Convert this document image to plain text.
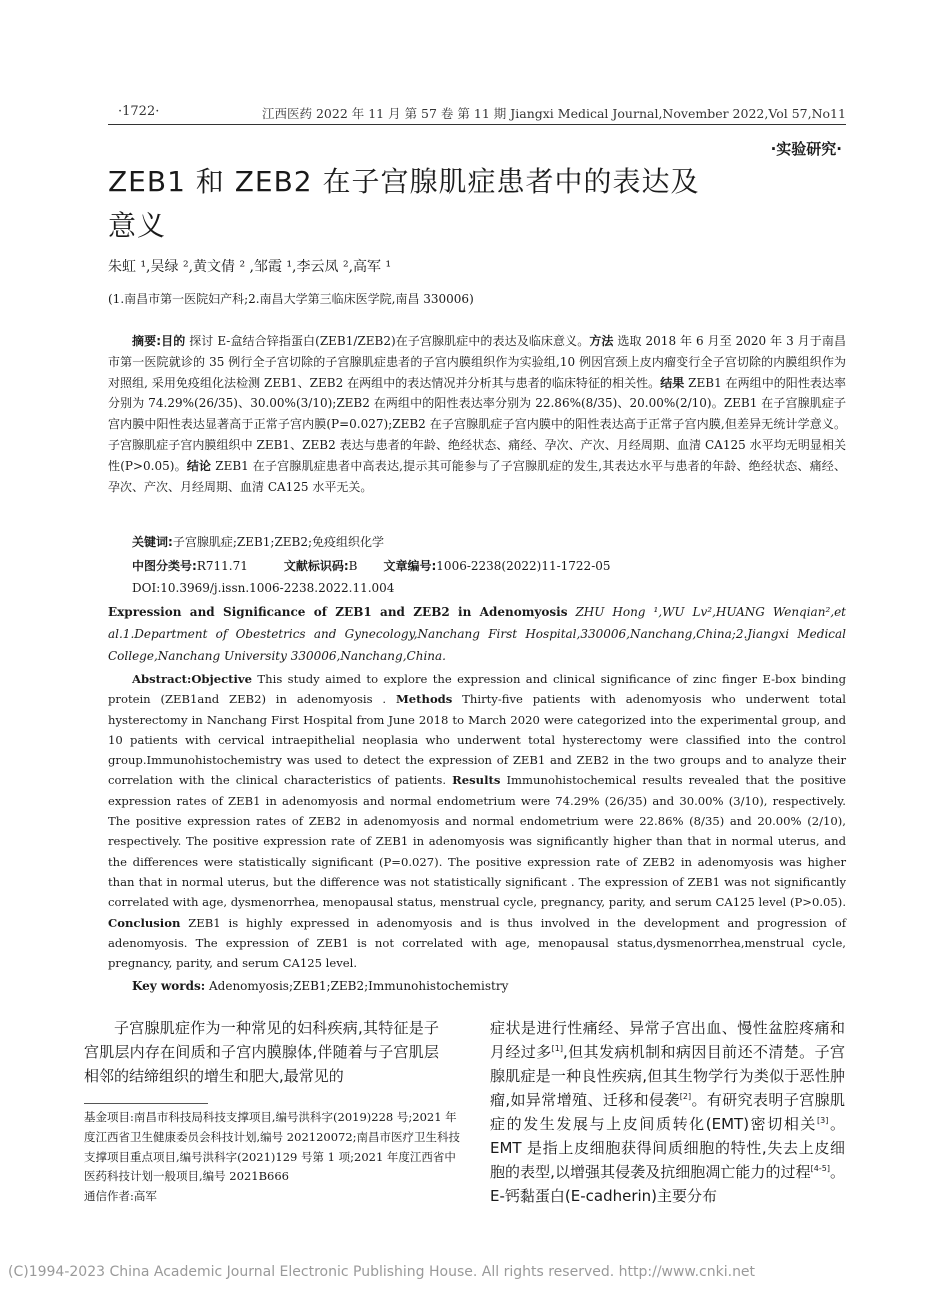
·1722·	江西医药 2022 年 11 月 第 57 卷 第 11 期 Jiangxi Medical Journal,November 2022,Vol 57,No11
·实验研究·
ZEB1 和 ZEB2 在子宫腺肌症患者中的表达及意义
朱虹 ¹,吴绿 ²,黄文倩 ² ,邹霞 ¹,李云凤 ²,高军 ¹
(1.南昌市第一医院妇产科;2.南昌大学第三临床医学院,南昌 330006)
摘要:目的 探讨 E-盒结合锌指蛋白(ZEB1/ZEB2)在子宫腺肌症中的表达及临床意义。方法 选取 2018 年 6 月至 2020 年 3 月于南昌市第一医院就诊的 35 例行全子宫切除的子宫腺肌症患者的子宫内膜组织作为实验组,10 例因宫颈上皮内瘤变行全子宫切除的内膜组织作为对照组, 采用免疫组化法检测 ZEB1、ZEB2 在两组中的表达情况并分析其与患者的临床特征的相关性。结果 ZEB1 在两组中的阳性表达率分别为 74.29%(26/35)、30.00%(3/10);ZEB2 在两组中的阳性表达率分别为 22.86%(8/35)、20.00%(2/10)。ZEB1 在子宫腺肌症子宫内膜中阳性表达显著高于正常子宫内膜(P=0.027);ZEB2 在子宫腺肌症子宫内膜中的阳性表达高于正常子宫内膜,但差异无统计学意义。子宫腺肌症子宫内膜组织中 ZEB1、ZEB2 表达与患者的年龄、绝经状态、痛经、孕次、产次、月经周期、血清 CA125 水平均无明显相关性(P>0.05)。结论 ZEB1 在子宫腺肌症患者中高表达,提示其可能参与了子宫腺肌症的发生,其表达水平与患者的年龄、绝经状态、痛经、孕次、产次、月经周期、血清 CA125 水平无关。
关键词:子宫腺肌症;ZEB1;ZEB2;免疫组织化学
中图分类号:R711.71	文献标识码:B 文章编号:1006-2238(2022)11-1722-05
DOI:10.3969/j.issn.1006-2238.2022.11.004
Expression and Significance of ZEB1 and ZEB2 in Adenomyosis ZHU Hong ¹,WU Lv²,HUANG Wenqian²,et al.1.Department of Obestetrics and Gynecology,Nanchang First Hospital,330006,Nanchang,China;2.Jiangxi Medical College,Nanchang University 330006,Nanchang,China.
Abstract:Objective This study aimed to explore the expression and clinical significance of zinc finger E-box binding protein (ZEB1and ZEB2) in adenomyosis . Methods Thirty-five patients with adenomyosis who underwent total hysterectomy in Nanchang First Hospital from June 2018 to March 2020 were categorized into the experimental group, and 10 patients with cervical intraepithelial neoplasia who underwent total hysterectomy were classified into the control group.Immunohistochemistry was used to detect the expression of ZEB1 and ZEB2 in the two groups and to analyze their correlation with the clinical characteristics of patients. Results Immunohistochemical results revealed that the positive expression rates of ZEB1 in adenomyosis and normal endometrium were 74.29% (26/35) and 30.00% (3/10), respectively. The positive expression rates of ZEB2 in adenomyosis and normal endometrium were 22.86% (8/35) and 20.00% (2/10), respectively. The positive expression rate of ZEB1 in adenomyosis was significantly higher than that in normal uterus, and the differences were statistically significant (P=0.027). The positive expression rate of ZEB2 in adenomyosis was higher than that in normal uterus, but the difference was not statistically significant . The expression of ZEB1 was not significantly correlated with age, dysmenorrhea, menopausal status, menstrual cycle, pregnancy, parity, and serum CA125 level (P>0.05). Conclusion ZEB1 is highly expressed in adenomyosis and is thus involved in the development and progression of adenomyosis. The expression of ZEB1 is not correlated with age, menopausal status,dysmenorrhea,menstrual cycle, pregnancy, parity, and serum CA125 level.
Key words: Adenomyosis;ZEB1;ZEB2;Immunohistochemistry
子宫腺肌症作为一种常见的妇科疾病,其特征是子宫肌层内存在间质和子宫内膜腺体,伴随着与子宫肌层相邻的结缔组织的增生和肥大,最常见的
症状是进行性痛经、异常子宫出血、慢性盆腔疼痛和月经过多[1],但其发病机制和病因目前还不清楚。子宫腺肌症是一种良性疾病,但其生物学行为类似于恶性肿瘤,如异常增殖、迁移和侵袭[2]。有研究表明子宫腺肌症的发生发展与上皮间质转化(EMT)密切相关[3]。EMT 是指上皮细胞获得间质细胞的特性,失去上皮细胞的表型,以增强其侵袭及抗细胞凋亡能力的过程[4-5]。E-钙黏蛋白(E-cadherin)主要分布
基金项目:南昌市科技局科技支撑项目,编号洪科字(2019)228 号;2021 年度江西省卫生健康委员会科技计划,编号 202120072;南昌市医疗卫生科技支撑项目重点项目,编号洪科字(2021)129 号第 1 项;2021 年度江西省中医药科技计划一般项目,编号 2021B666
通信作者:高军
(C)1994-2023 China Academic Journal Electronic Publishing House. All rights reserved. http://www.cnki.net
